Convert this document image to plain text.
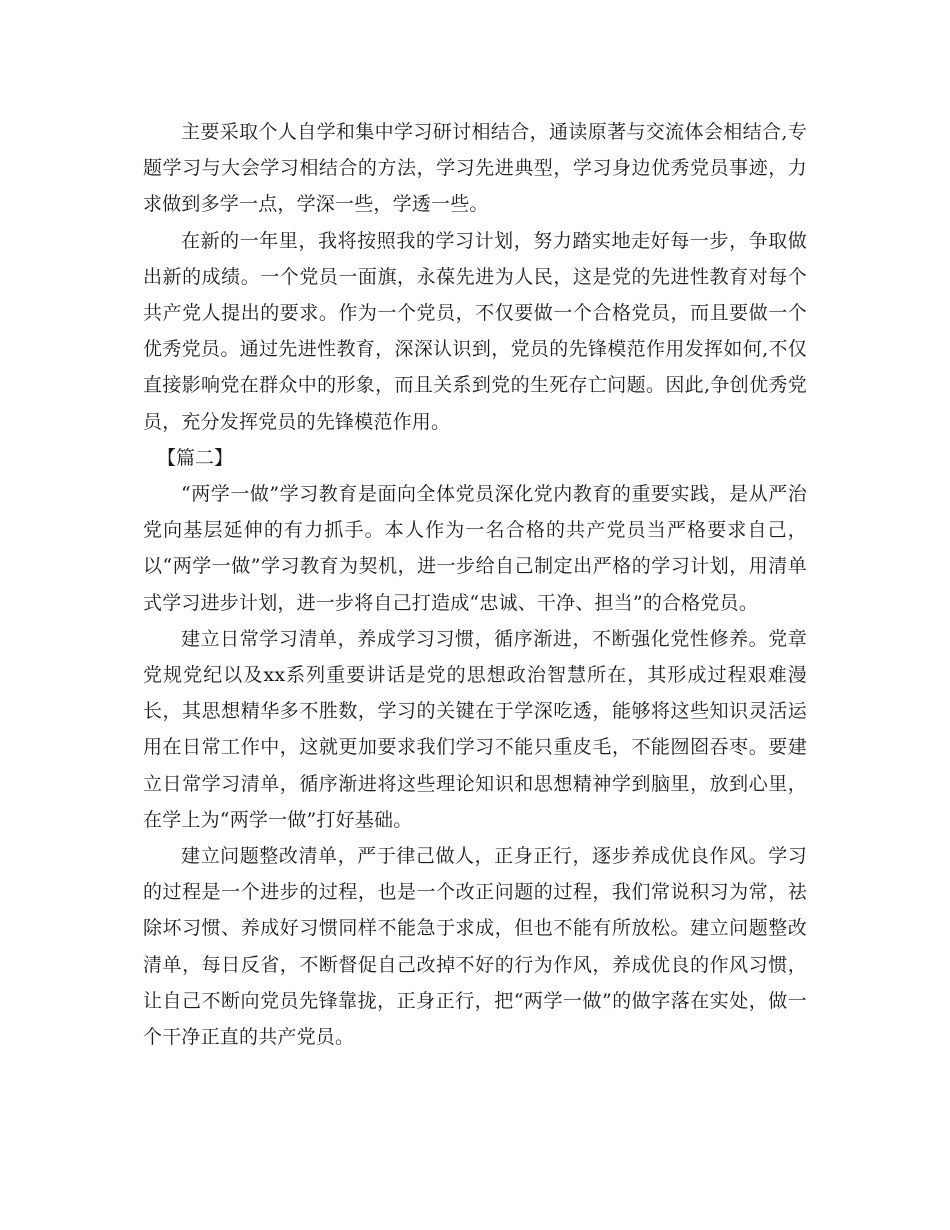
主要采取个人自学和集中学习研讨相结合，通读原著与交流体会相结合,专题学习与大会学习相结合的方法，学习先进典型，学习身边优秀党员事迹，力求做到多学一点，学深一些，学透一些。

在新的一年里，我将按照我的学习计划，努力踏实地走好每一步，争取做出新的成绩。一个党员一面旗，永葆先进为人民，这是党的先进性教育对每个共产党人提出的要求。作为一个党员，不仅要做一个合格党员，而且要做一个优秀党员。通过先进性教育，深深认识到，党员的先锋模范作用发挥如何,不仅直接影响党在群众中的形象，而且关系到党的生死存亡问题。因此,争创优秀党员，充分发挥党员的先锋模范作用。

【篇二】

“两学一做”学习教育是面向全体党员深化党内教育的重要实践，是从严治党向基层延伸的有力抓手。本人作为一名合格的共产党员当严格要求自己，以“两学一做”学习教育为契机，进一步给自己制定出严格的学习计划，用清单式学习进步计划，进一步将自己打造成“忠诚、干净、担当”的合格党员。

建立日常学习清单，养成学习习惯，循序渐进，不断强化党性修养。党章党规党纪以及xx系列重要讲话是党的思想政治智慧所在，其形成过程艰难漫长，其思想精华多不胜数，学习的关键在于学深吃透，能够将这些知识灵活运用在日常工作中，这就更加要求我们学习不能只重皮毛，不能囫囵吞枣。要建立日常学习清单，循序渐进将这些理论知识和思想精神学到脑里，放到心里，在学上为“两学一做”打好基础。

建立问题整改清单，严于律己做人，正身正行，逐步养成优良作风。学习的过程是一个进步的过程，也是一个改正问题的过程，我们常说积习为常，祛除坏习惯、养成好习惯同样不能急于求成，但也不能有所放松。建立问题整改清单，每日反省，不断督促自己改掉不好的行为作风，养成优良的作风习惯，让自己不断向党员先锋靠拢，正身正行，把“两学一做”的做字落在实处，做一个干净正直的共产党员。
